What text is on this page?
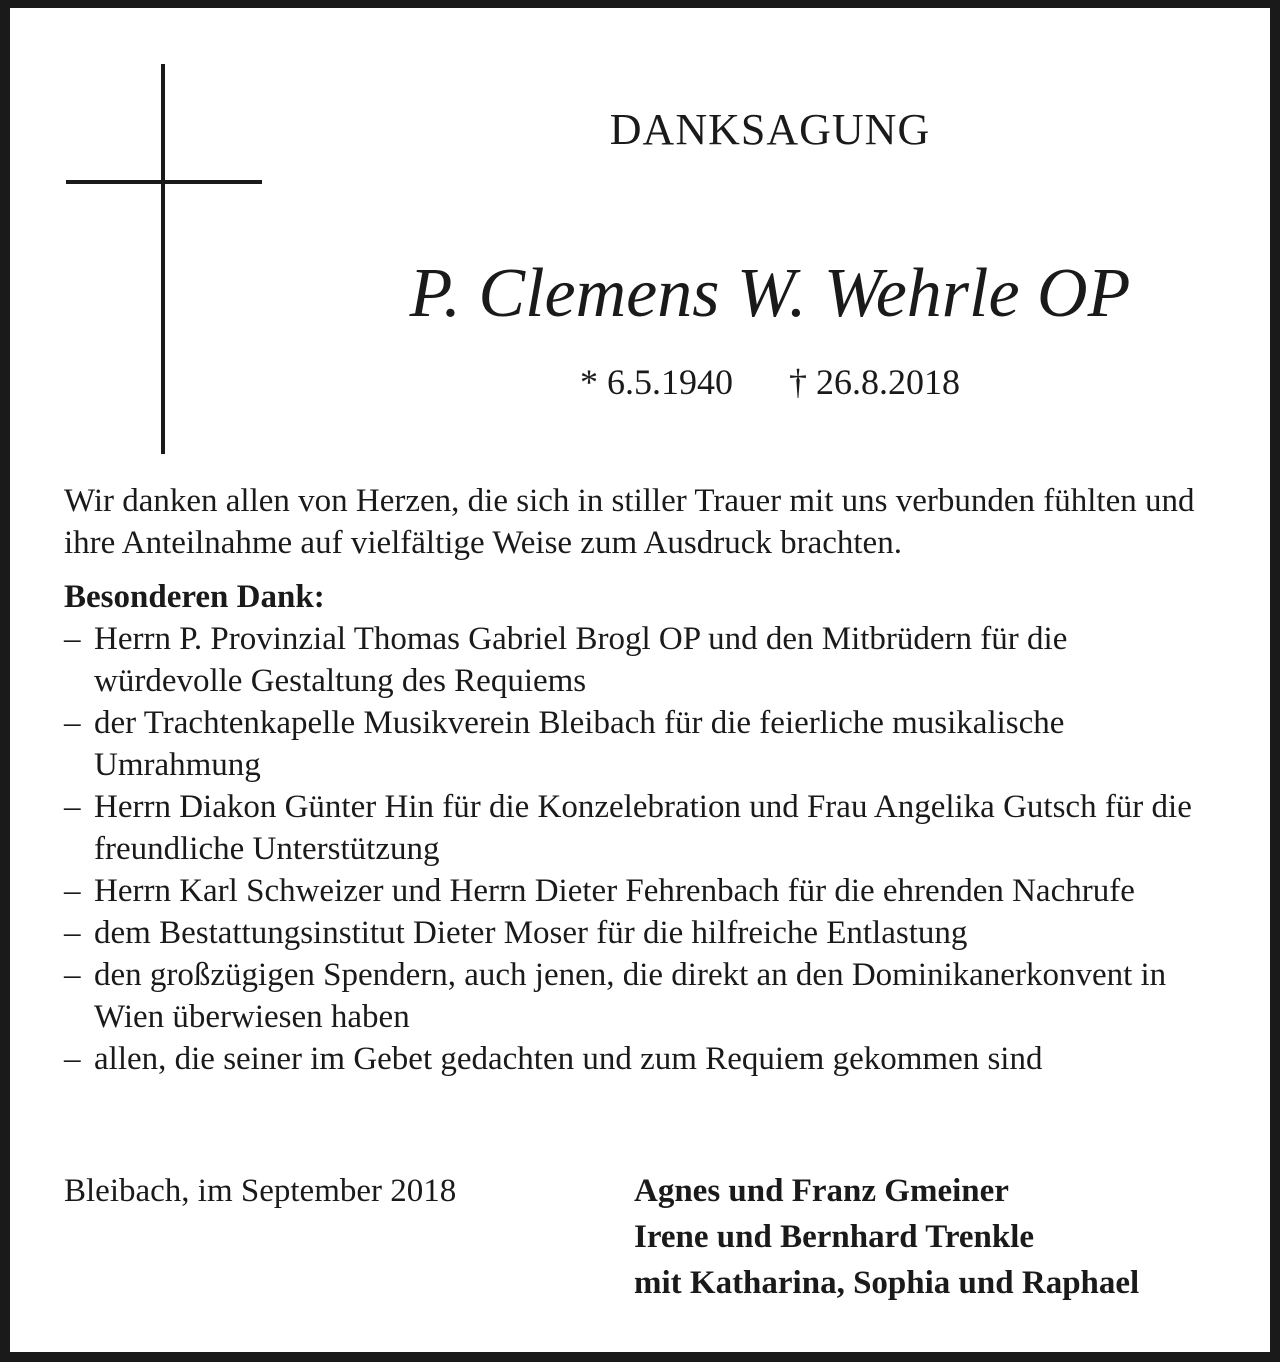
DANKSAGUNG
P. Clemens W. Wehrle OP
* 6.5.1940 † 26.8.2018

Wir danken allen von Herzen, die sich in stiller Trauer mit uns verbunden fühlten und ihre Anteilnahme auf vielfältige Weise zum Ausdruck brachten.

Besonderen Dank:
– Herrn P. Provinzial Thomas Gabriel Brogl OP und den Mitbrüdern für die würdevolle Gestaltung des Requiems
– der Trachtenkapelle Musikverein Bleibach für die feierliche musikalische Umrahmung
– Herrn Diakon Günter Hin für die Konzelebration und Frau Angelika Gutsch für die freundliche Unterstützung
– Herrn Karl Schweizer und Herrn Dieter Fehrenbach für die ehrenden Nachrufe
– dem Bestattungsinstitut Dieter Moser für die hilfreiche Entlastung
– den großzügigen Spendern, auch jenen, die direkt an den Dominikanerkonvent in Wien überwiesen haben
– allen, die seiner im Gebet gedachten und zum Requiem gekommen sind
Bleibach, im September 2018	Agnes und Franz Gmeiner
Irene und Bernhard Trenkle
mit Katharina, Sophia und Raphael
